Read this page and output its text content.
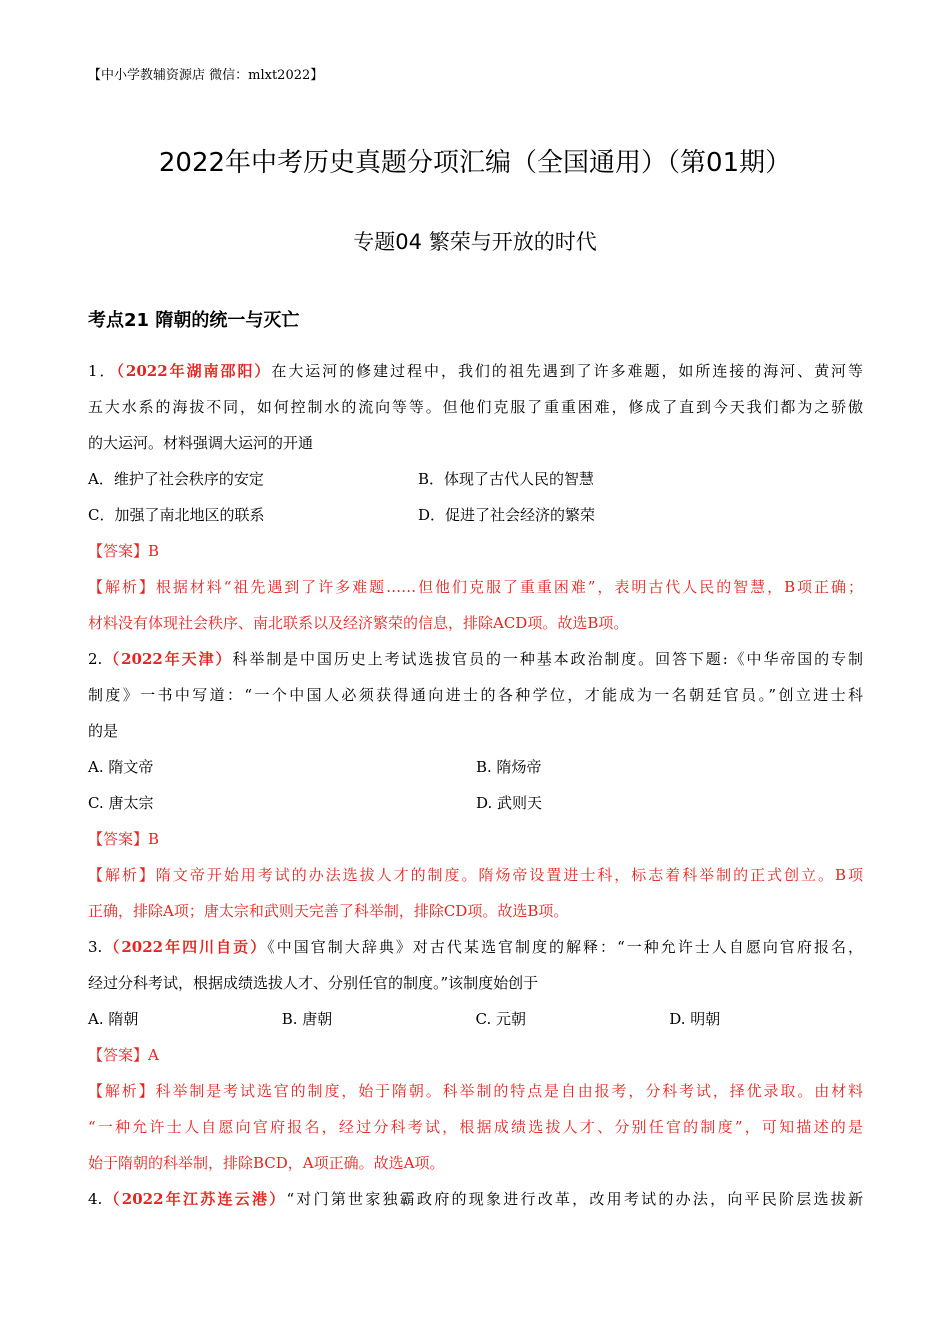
【中小学教辅资源店 微信：mlxt2022】
2022年中考历史真题分项汇编（全国通用）（第01期）
专题04 繁荣与开放的时代
考点21 隋朝的统一与灭亡
1．（2022年湖南邵阳）在大运河的修建过程中，我们的祖先遇到了许多难题，如所连接的海河、黄河等
五大水系的海拔不同，如何控制水的流向等等。但他们克服了重重困难，修成了直到今天我们都为之骄傲
的大运河。材料强调大运河的开通
A．维护了社会秩序的安定	B．体现了古代人民的智慧
C．加强了南北地区的联系	D．促进了社会经济的繁荣
【答案】B
【解析】根据材料“祖先遇到了许多难题……但他们克服了重重困难”，表明古代人民的智慧，B项正确；
材料没有体现社会秩序、南北联系以及经济繁荣的信息，排除ACD项。故选B项。
2.（2022年天津）科举制是中国历史上考试选拔官员的一种基本政治制度。回答下题:《中华帝国的专制
制度》一书中写道：“一个中国人必须获得通向进士的各种学位，才能成为一名朝廷官员。”创立进士科
的是
A. 隋文帝	B. 隋炀帝
C. 唐太宗	D. 武则天
【答案】B
【解析】隋文帝开始用考试的办法选拔人才的制度。隋炀帝设置进士科，标志着科举制的正式创立。B项
正确，排除A项；唐太宗和武则天完善了科举制，排除CD项。故选B项。
3.（2022年四川自贡）《中国官制大辞典》对古代某选官制度的解释：“一种允许士人自愿向官府报名，
经过分科考试，根据成绩选拔人才、分别任官的制度。”该制度始创于
A. 隋朝	B. 唐朝	C. 元朝	D. 明朝
【答案】A
【解析】科举制是考试选官的制度，始于隋朝。科举制的特点是自由报考，分科考试，择优录取。由材料
“一种允许士人自愿向官府报名，经过分科考试，根据成绩选拔人才、分别任官的制度”，可知描述的是
始于隋朝的科举制，排除BCD，A项正确。故选A项。
4.（2022年江苏连云港）“对门第世家独霸政府的现象进行改革，改用考试的办法，向平民阶层选拔新
